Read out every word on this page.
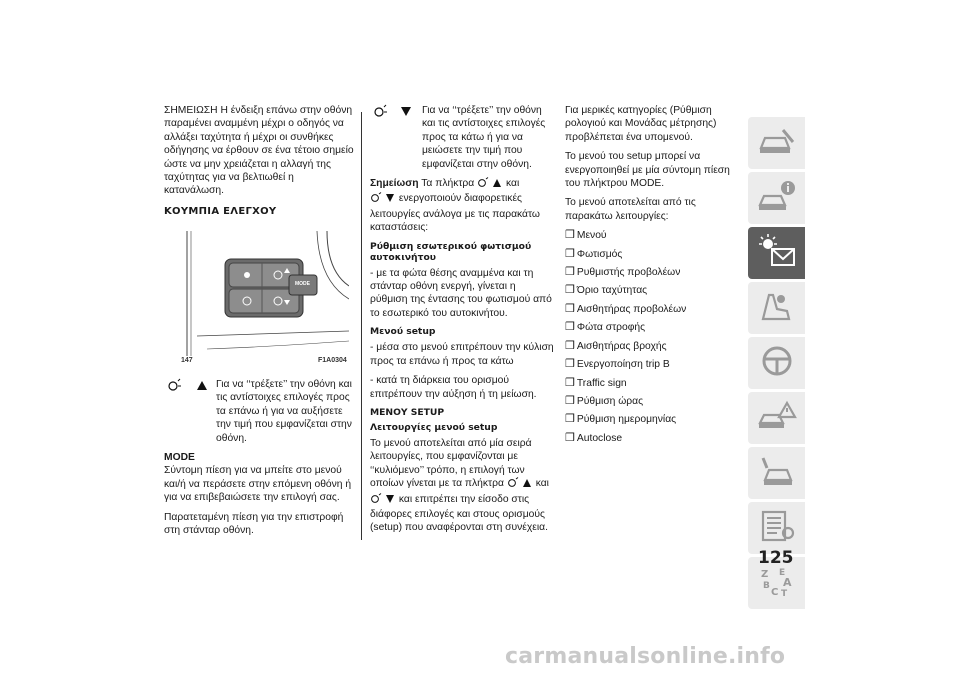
ΣΗΜΕΙΩΣΗ Η ένδειξη επάνω στην οθόνη παραμένει αναμμένη μέχρι ο οδηγός να αλλάξει ταχύτητα ή μέχρι οι συνθήκες οδήγησης να έρθουν σε ένα τέτοιο σημείο ώστε να μην χρειάζεται η αλλαγή της ταχύτητας για να βελτιωθεί η κατανάλωση.

ΚΟΥΜΠΙΑ ΕΛΕΓΧΟΥ
MODE
147	F1A0304

Για να ‘‘τρέξετε’’ την οθόνη και τις αντίστοιχες επιλογές προς τα επάνω ή για να αυξήσετε την τιμή που εμφανίζεται στην οθόνη.

MODE

Σύντομη πίεση για να μπείτε στο μενού και/ή να περάσετε στην επόμενη οθόνη ή για να επιβεβαιώσετε την επιλογή σας.

Παρατεταμένη πίεση για την επιστροφή στη στάνταρ οθόνη.

Για να ‘‘τρέξετε’’ την οθόνη και τις αντίστοιχες επιλογές προς τα κάτω ή για να μειώσετε την τιμή που εμφανίζεται στην οθόνη.

Σημείωση Τα πλήκτρα	και
ενεργοποιούν διαφορετικές λειτουργίες ανάλογα με τις παρακάτω καταστάσεις:

Ρύθμιση εσωτερικού φωτισμού αυτοκινήτου

- με τα φώτα θέσης αναμμένα και τη στάνταρ οθόνη ενεργή, γίνεται η ρύθμιση της έντασης του φωτισμού από το εσωτερικό του αυτοκινήτου.

Μενού setup

- μέσα στο μενού επιτρέπουν την κύλιση προς τα επάνω ή προς τα κάτω

- κατά τη διάρκεια του ορισμού επιτρέπουν την αύξηση ή τη μείωση.

ΜΕΝΟΥ SETUP
Λειτουργίες μενού setup

Το μενού αποτελείται από μία σειρά λειτουργίες, που εμφανίζονται με ‘‘κυλιόμενο’’ τρόπο, η επιλογή των οποίων γίνεται με τα πλήκτρα	και
και επιτρέπει την είσοδο στις διάφορες επιλογές και στους ορισμούς (setup) που αναφέρονται στη συνέχεια.

Για μερικές κατηγορίες (Ρύθμιση ρολογιού και Μονάδας μέτρησης) προβλέπεται ένα υπομενού.

Το μενού του setup μπορεί να ενεργοποιηθεί με μία σύντομη πίεση του πλήκτρου MODE.

Το μενού αποτελείται από τις παρακάτω λειτουργίες:

❒ Μενού
❒ Φωτισμός
❒ Ρυθμιστής προβολέων
❒ Όριο ταχύτητας
❒ Αισθητήρας προβολέων
❒ Φώτα στροφής
❒ Αισθητήρας βροχής
❒ Ενεργοποίηση trip B
❒ Traffic sign
❒ Ρύθμιση ώρας
❒ Ρύθμιση ημερομηνίας
❒ Autoclose
Z E
A
B
C T
125
carmanualsonline.info
